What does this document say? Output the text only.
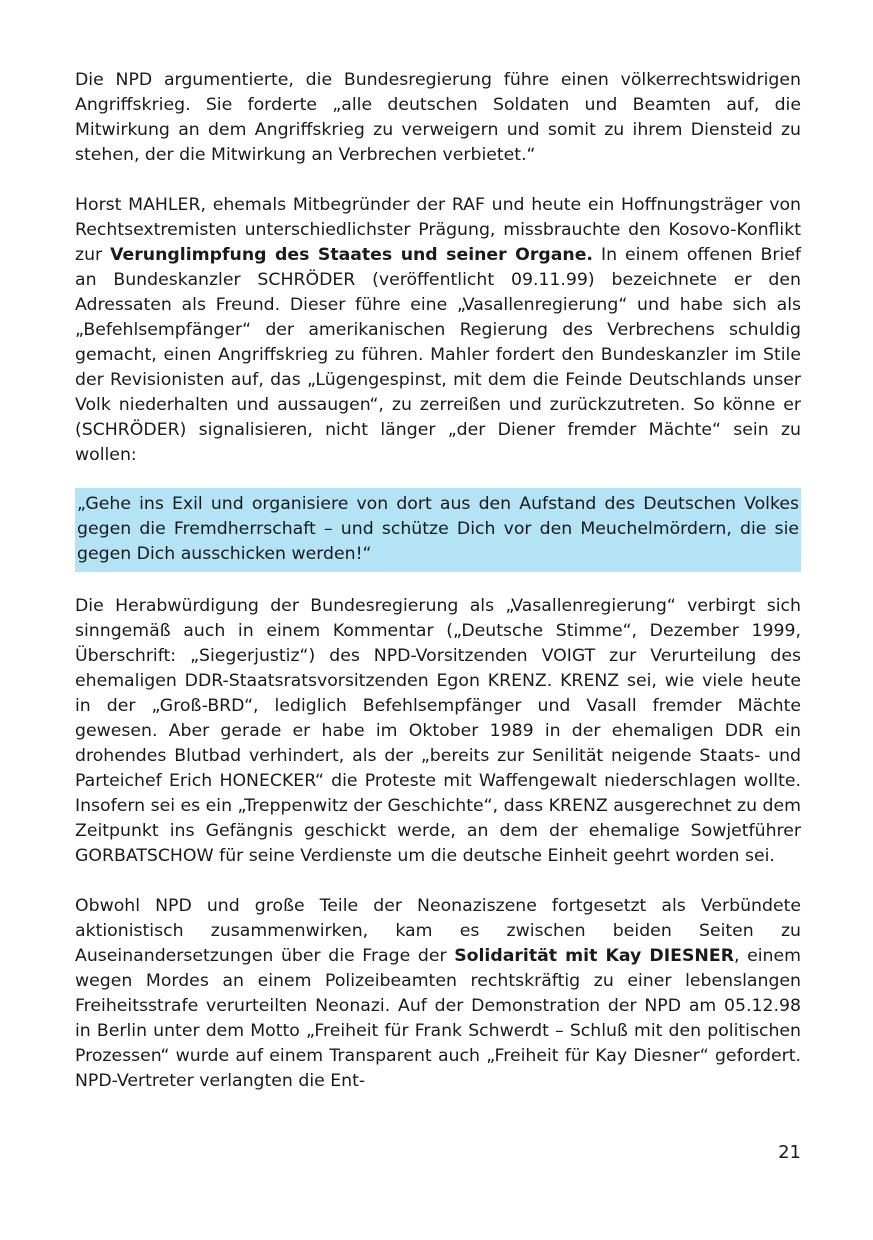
Die NPD argumentierte, die Bundesregierung führe einen völkerrechtswidrigen Angriffskrieg. Sie forderte „alle deutschen Soldaten und Beamten auf, die Mitwirkung an dem Angriffskrieg zu verweigern und somit zu ihrem Diensteid zu stehen, der die Mitwirkung an Verbrechen verbietet.“

Horst MAHLER, ehemals Mitbegründer der RAF und heute ein Hoffnungsträger von Rechtsextremisten unterschiedlichster Prägung, missbrauchte den Kosovo-Konflikt zur Verunglimpfung des Staates und seiner Organe. In einem offenen Brief an Bundeskanzler SCHRÖDER (veröffentlicht 09.11.99) bezeichnete er den Adressaten als Freund. Dieser führe eine „Vasallenregierung“ und habe sich als „Befehlsempfänger“ der amerikanischen Regierung des Verbrechens schuldig gemacht, einen Angriffskrieg zu führen. Mahler fordert den Bundeskanzler im Stile der Revisionisten auf, das „Lügengespinst, mit dem die Feinde Deutschlands unser Volk niederhalten und aussaugen“, zu zerreißen und zurückzutreten. So könne er (SCHRÖDER) signalisieren, nicht länger „der Diener fremder Mächte“ sein zu wollen:

„Gehe ins Exil und organisiere von dort aus den Aufstand des Deutschen Volkes gegen die Fremdherrschaft – und schütze Dich vor den Meuchelmördern, die sie gegen Dich ausschicken werden!“

Die Herabwürdigung der Bundesregierung als „Vasallenregierung“ verbirgt sich sinngemäß auch in einem Kommentar („Deutsche Stimme“, Dezember 1999, Überschrift: „Siegerjustiz“) des NPD-Vorsitzenden VOIGT zur Verurteilung des ehemaligen DDR-Staatsratsvorsitzenden Egon KRENZ. KRENZ sei, wie viele heute in der „Groß-BRD“, lediglich Befehlsempfänger und Vasall fremder Mächte gewesen. Aber gerade er habe im Oktober 1989 in der ehemaligen DDR ein drohendes Blutbad verhindert, als der „bereits zur Senilität neigende Staats- und Parteichef Erich HONECKER“ die Proteste mit Waffengewalt niederschlagen wollte. Insofern sei es ein „Treppenwitz der Geschichte“, dass KRENZ ausgerechnet zu dem Zeitpunkt ins Gefängnis geschickt werde, an dem der ehemalige Sowjetführer GORBATSCHOW für seine Verdienste um die deutsche Einheit geehrt worden sei.

Obwohl NPD und große Teile der Neonaziszene fortgesetzt als Verbündete aktionistisch zusammenwirken, kam es zwischen beiden Seiten zu Auseinandersetzungen über die Frage der Solidarität mit Kay DIESNER, einem wegen Mordes an einem Polizeibeamten rechtskräftig zu einer lebenslangen Freiheitsstrafe verurteilten Neonazi. Auf der Demonstration der NPD am 05.12.98 in Berlin unter dem Motto „Freiheit für Frank Schwerdt – Schluß mit den politischen Prozessen“ wurde auf einem Transparent auch „Freiheit für Kay Diesner“ gefordert. NPD-Vertreter verlangten die Ent-

21
